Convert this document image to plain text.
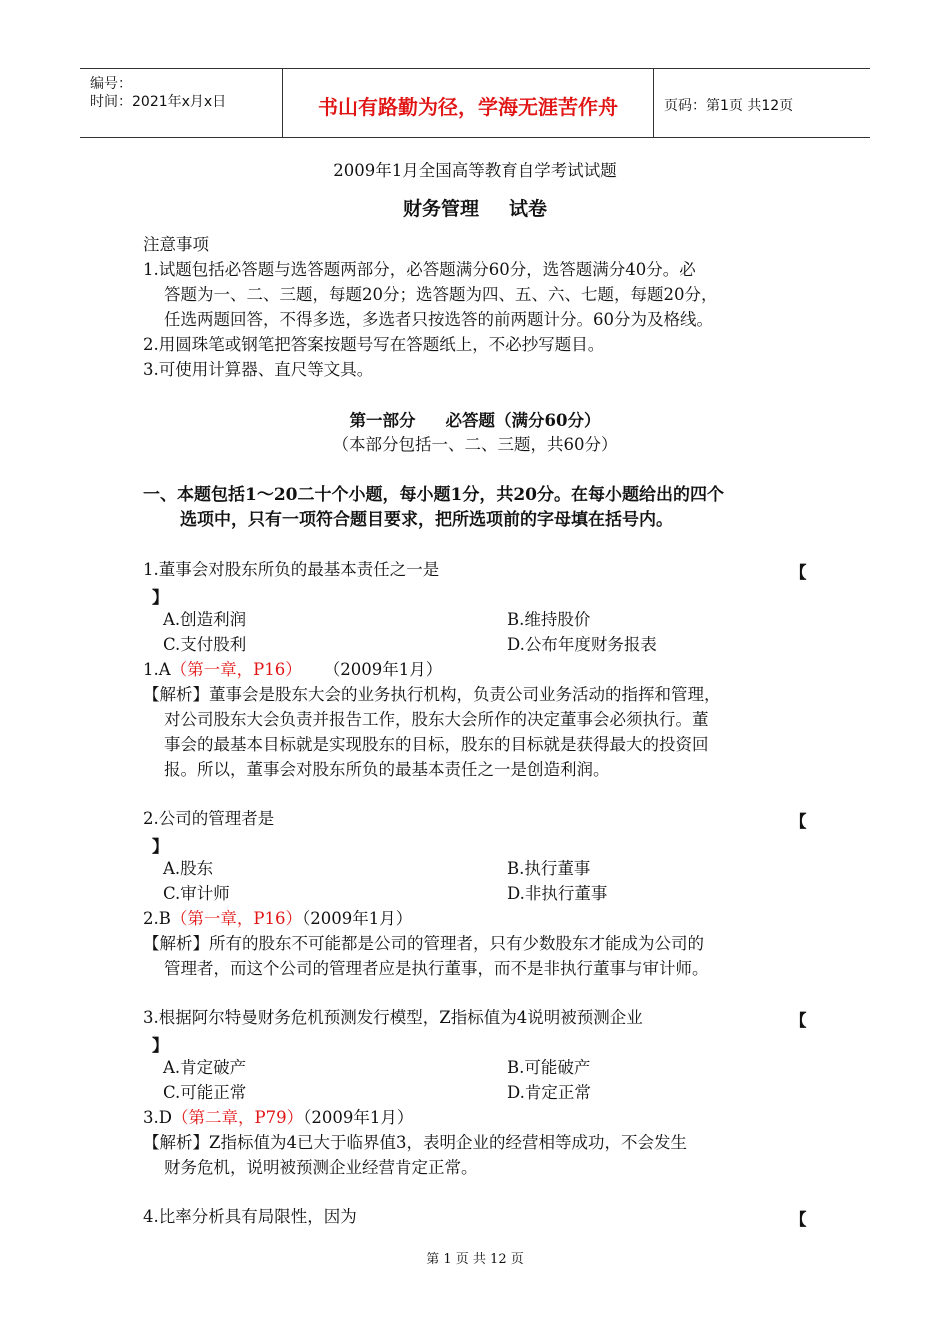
编号：
时间：2021年x月x日	书山有路勤为径，学海无涯苦作舟	页码：第1页 共12页
2009年1月全国高等教育自学考试试题
财务管理 试卷
注意事项
1.试题包括必答题与选答题两部分，必答题满分60分，选答题满分40分。必
答题为一、二、三题，每题20分；选答题为四、五、六、七题，每题20分，
任选两题回答，不得多选，多选者只按选答的前两题计分。60分为及格线。
2.用圆珠笔或钢笔把答案按题号写在答题纸上，不必抄写题目。
3.可使用计算器、直尺等文具。
第一部分 必答题（满分60分）
（本部分包括一、二、三题，共60分）
一、本题包括1～20二十个小题，每小题1分，共20分。在每小题给出的四个
选项中，只有一项符合题目要求，把所选项前的字母填在括号内。
1.董事会对股东所负的最基本责任之一是	【
】
A.创造利润	B.维持股价
C.支付股利	D.公布年度财务报表
1.A（第一章，P16） （2009年1月）
【解析】董事会是股东大会的业务执行机构，负责公司业务活动的指挥和管理，
对公司股东大会负责并报告工作，股东大会所作的决定董事会必须执行。董
事会的最基本目标就是实现股东的目标，股东的目标就是获得最大的投资回
报。所以，董事会对股东所负的最基本责任之一是创造利润。
2.公司的管理者是	【
】
A.股东	B.执行董事
C.审计师	D.非执行董事
2.B（第一章，P16）（2009年1月）
【解析】所有的股东不可能都是公司的管理者，只有少数股东才能成为公司的
管理者，而这个公司的管理者应是执行董事，而不是非执行董事与审计师。
3.根据阿尔特曼财务危机预测发行模型，Z指标值为4说明被预测企业	【
】
A.肯定破产	B.可能破产
C.可能正常	D.肯定正常
3.D（第二章，P79）（2009年1月）
【解析】Z指标值为4已大于临界值3，表明企业的经营相等成功，不会发生
财务危机，说明被预测企业经营肯定正常。
4.比率分析具有局限性，因为	【
第 1 页 共 12 页
